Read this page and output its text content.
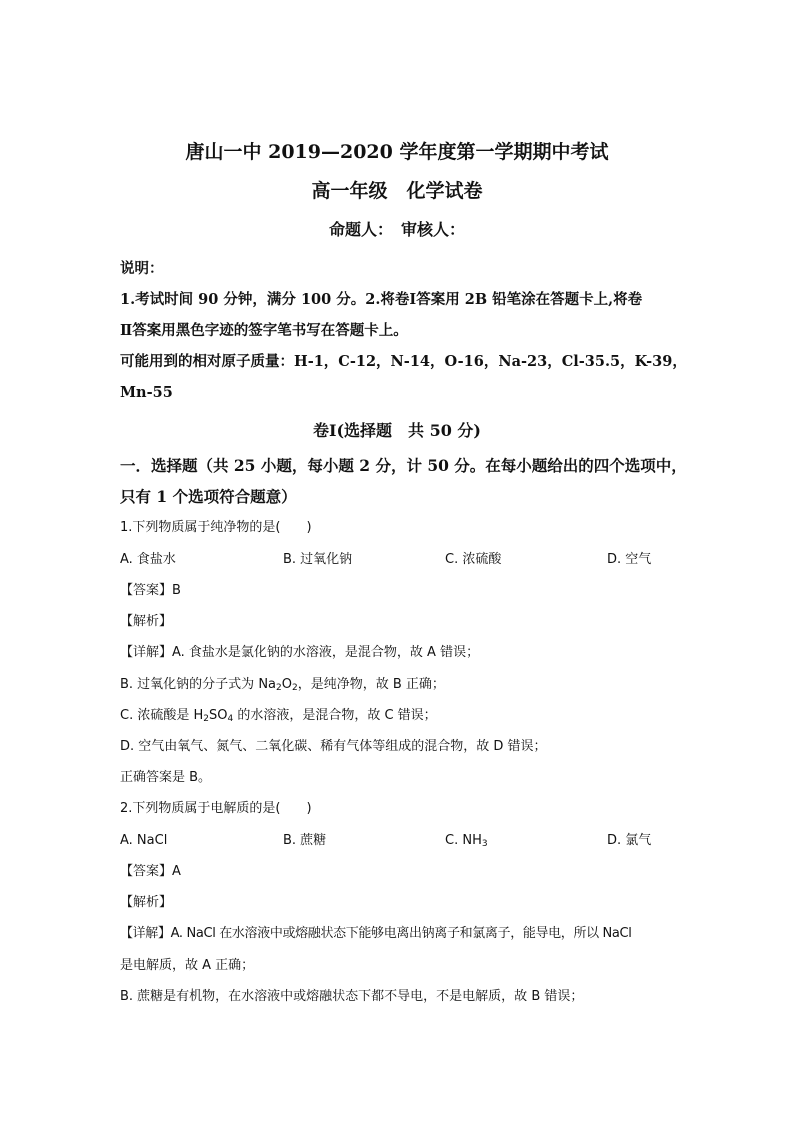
唐山一中 2019—2020 学年度第一学期期中考试
高一年级　化学试卷
命题人：　审核人：
说明：
1.考试时间 90 分钟，满分 100 分。2.将卷Ⅰ答案用 2B 铅笔涂在答题卡上,将卷
Ⅱ答案用黑色字迹的签字笔书写在答题卡上。
可能用到的相对原子质量：H-1，C-12，N-14，O-16，Na-23，Cl-35.5，K-39，
Mn-55
卷Ⅰ(选择题　共 50 分)
一．选择题（共 25 小题，每小题 2 分，计 50 分。在每小题给出的四个选项中，
只有 1 个选项符合题意）
1.下列物质属于纯净物的是(　　)
A. 食盐水	B. 过氧化钠	C. 浓硫酸	D. 空气
【答案】B
【解析】
【详解】A. 食盐水是氯化钠的水溶液，是混合物，故 A 错误；
B. 过氧化钠的分子式为 $Na_2O_2$，是纯净物，故 B 正确；
C. 浓硫酸是 $H_2SO_4$ 的水溶液，是混合物，故 C 错误；
D. 空气由氧气、氮气、二氧化碳、稀有气体等组成的混合物，故 D 错误；
正确答案是 B。
2.下列物质属于电解质的是(　　)
A. NaCl	B. 蔗糖	C. $NH_3$	D. 氯气
【答案】A
【解析】
【详解】A. NaCl 在水溶液中或熔融状态下能够电离出钠离子和氯离子，能导电，所以 NaCl
是电解质，故 A 正确；
B. 蔗糖是有机物，在水溶液中或熔融状态下都不导电，不是电解质，故 B 错误；
